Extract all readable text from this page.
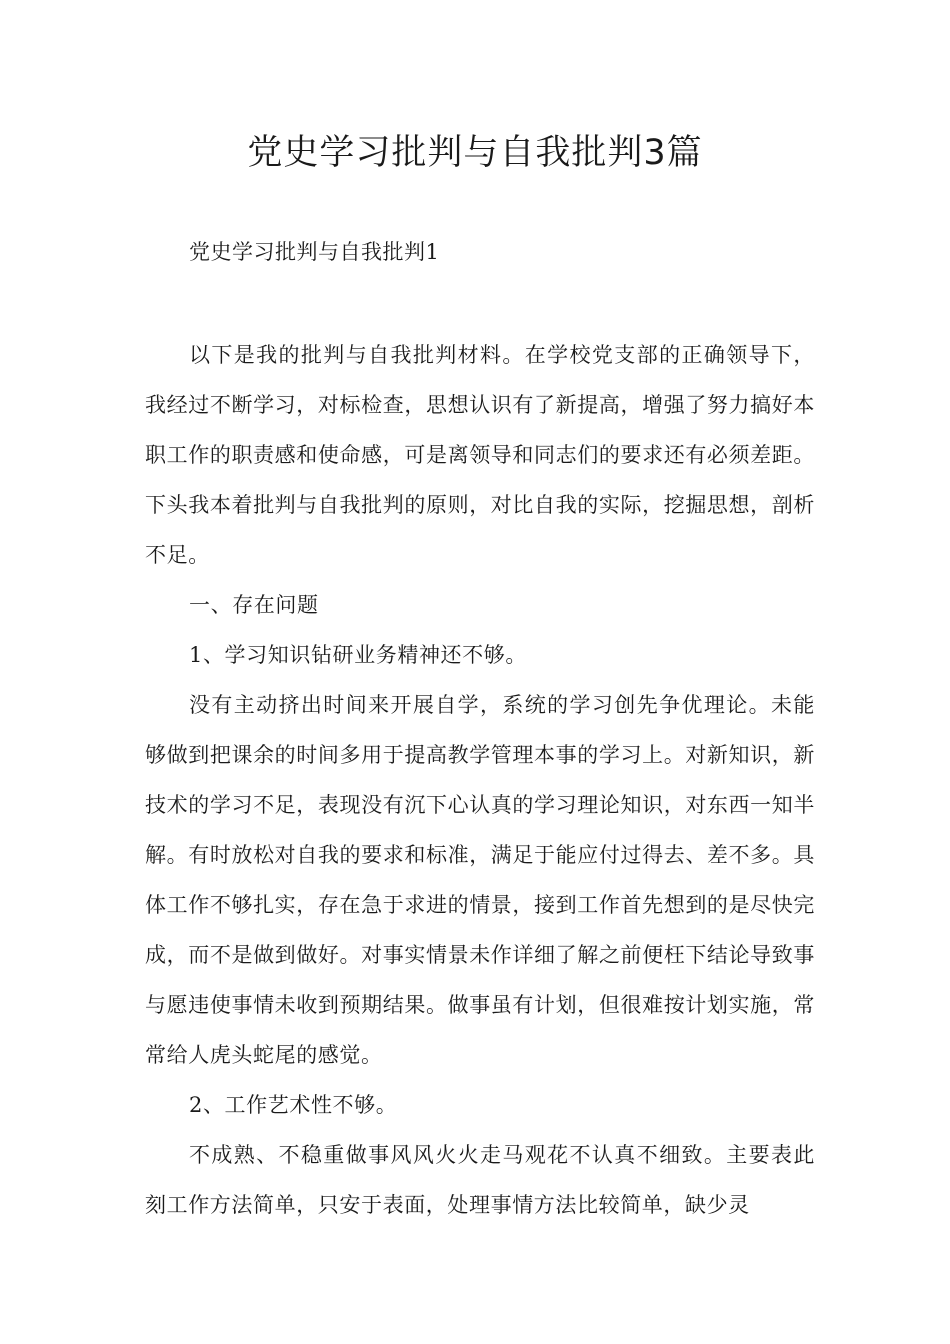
党史学习批判与自我批判3篇

党史学习批判与自我批判1

以下是我的批判与自我批判材料。在学校党支部的正确领导下，我经过不断学习，对标检查，思想认识有了新提高，增强了努力搞好本职工作的职责感和使命感，可是离领导和同志们的要求还有必须差距。下头我本着批判与自我批判的原则，对比自我的实际，挖掘思想，剖析不足。

一、存在问题

1、学习知识钻研业务精神还不够。

没有主动挤出时间来开展自学，系统的学习创先争优理论。未能够做到把课余的时间多用于提高教学管理本事的学习上。对新知识，新技术的学习不足，表现没有沉下心认真的学习理论知识，对东西一知半解。有时放松对自我的要求和标准，满足于能应付过得去、差不多。具体工作不够扎实，存在急于求进的情景，接到工作首先想到的是尽快完成，而不是做到做好。对事实情景未作详细了解之前便枉下结论导致事与愿违使事情未收到预期结果。做事虽有计划，但很难按计划实施，常常给人虎头蛇尾的感觉。

2、工作艺术性不够。

不成熟、不稳重做事风风火火走马观花不认真不细致。主要表此刻工作方法简单，只安于表面，处理事情方法比较简单，缺少灵
